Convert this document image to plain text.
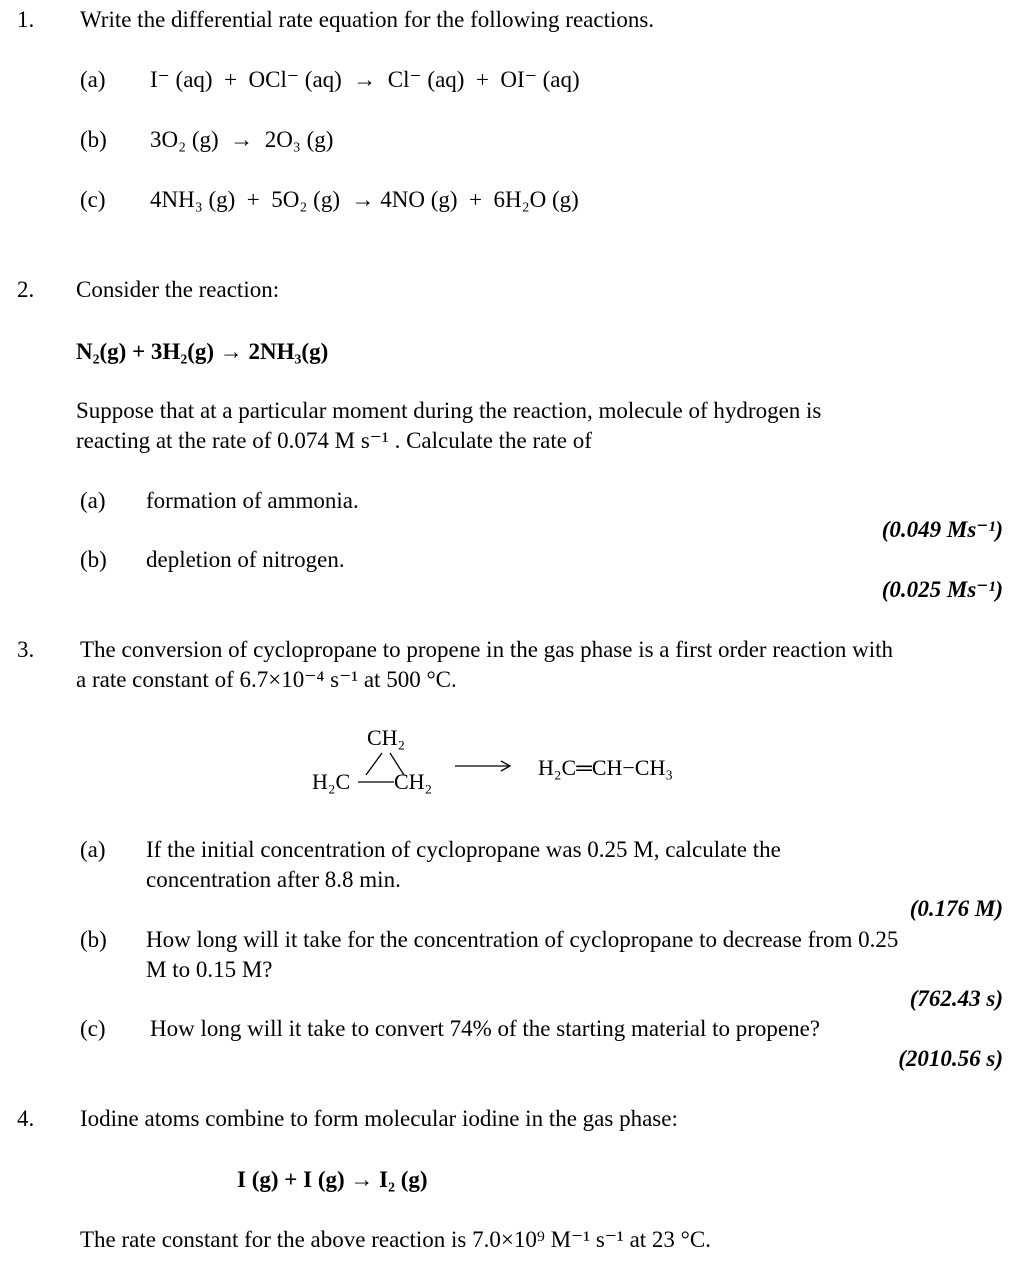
1. Write the differential rate equation for the following reactions.
(a) I⁻ (aq)  +  OCl⁻ (aq)  →  Cl⁻ (aq)  +  OI⁻ (aq)
(b) 3O₂ (g)  →  2O₃ (g)
(c) 4NH₃ (g)  +  5O₂ (g)  → 4NO (g)  +  6H₂O (g)
2. Consider the reaction:
N₂(g) + 3H₂(g) → 2NH₃(g)
Suppose that at a particular moment during the reaction, molecule of hydrogen is
reacting at the rate of 0.074 M s⁻¹ . Calculate the rate of
(a) formation of ammonia.
(0.049 Ms⁻¹)
(b) depletion of nitrogen.
(0.025 Ms⁻¹)
3. The conversion of cyclopropane to propene in the gas phase is a first order reaction with
a rate constant of 6.7×10⁻⁴ s⁻¹ at 500 °C.
CH₂
H₂C CH₂
H₂C═CH−CH₃
(a) If the initial concentration of cyclopropane was 0.25 M, calculate the
concentration after 8.8 min.
(0.176 M)
(b) How long will it take for the concentration of cyclopropane to decrease from 0.25
M to 0.15 M?
(762.43 s)
(c) How long will it take to convert 74% of the starting material to propene?
(2010.56 s)
4. Iodine atoms combine to form molecular iodine in the gas phase:
I (g) + I (g) → I₂ (g)
The rate constant for the above reaction is 7.0×10⁹ M⁻¹ s⁻¹ at 23 °C.
